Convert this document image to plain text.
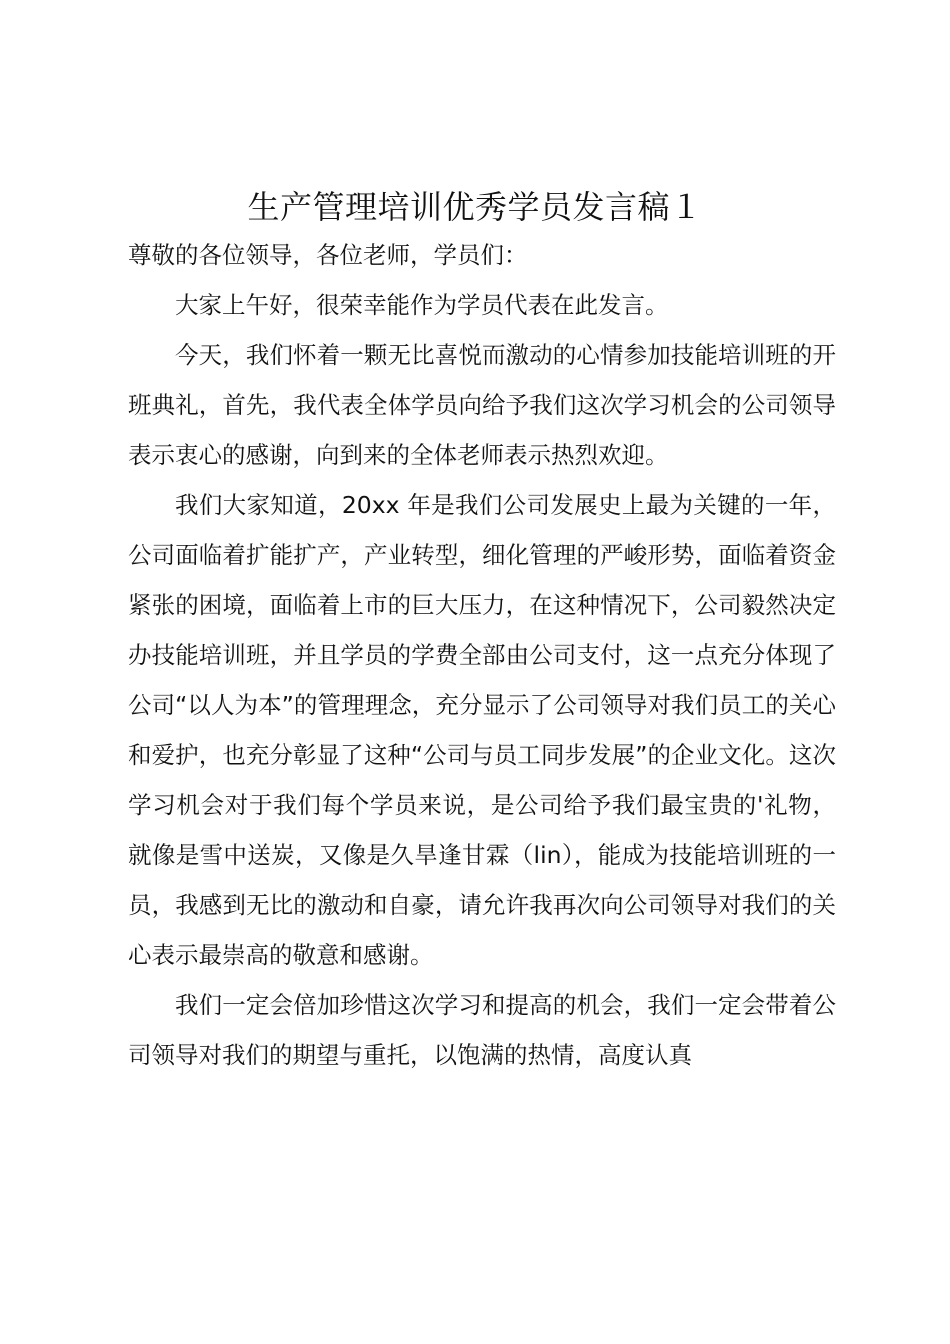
生产管理培训优秀学员发言稿１

尊敬的各位领导，各位老师，学员们：

大家上午好，很荣幸能作为学员代表在此发言。

今天，我们怀着一颗无比喜悦而激动的心情参加技能培训班的开班典礼，首先，我代表全体学员向给予我们这次学习机会的公司领导表示衷心的感谢，向到来的全体老师表示热烈欢迎。

我们大家知道，20xx 年是我们公司发展史上最为关键的一年，公司面临着扩能扩产，产业转型，细化管理的严峻形势，面临着资金紧张的困境，面临着上市的巨大压力，在这种情况下，公司毅然决定办技能培训班，并且学员的学费全部由公司支付，这一点充分体现了公司“以人为本”的管理理念，充分显示了公司领导对我们员工的关心和爱护，也充分彰显了这种“公司与员工同步发展”的企业文化。这次学习机会对于我们每个学员来说，是公司给予我们最宝贵的'礼物，就像是雪中送炭，又像是久旱逢甘霖（lin），能成为技能培训班的一员，我感到无比的激动和自豪，请允许我再次向公司领导对我们的关心表示最崇高的敬意和感谢。

我们一定会倍加珍惜这次学习和提高的机会，我们一定会带着公司领导对我们的期望与重托，以饱满的热情，高度认真
